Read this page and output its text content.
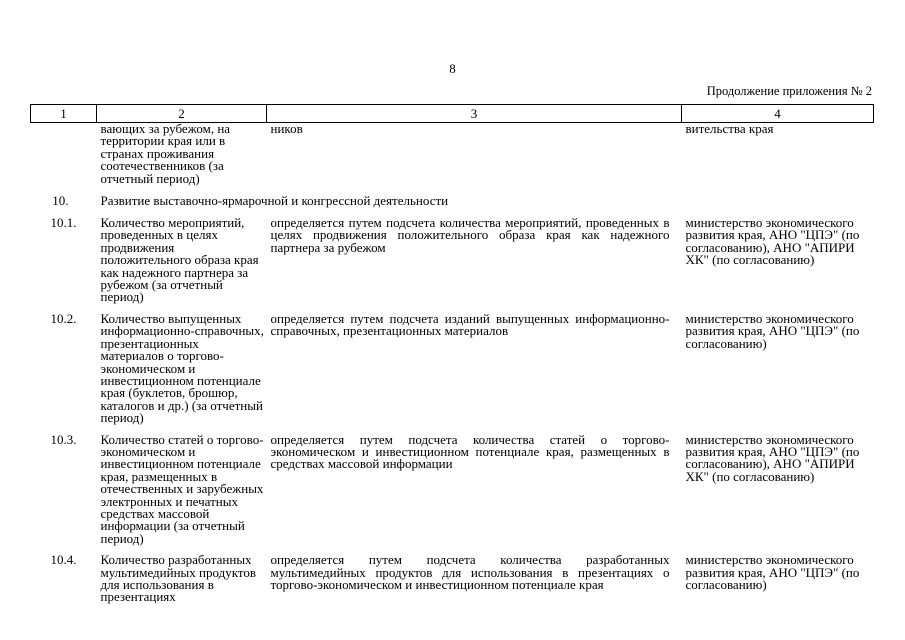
8
Продолжение приложения № 2
1	2	3	4
	вающих за рубежом, на территории края или в странах проживания соотечественников (за отчетный период)	ников	вительства края

10.	Развитие выставочно-ярмарочной и конгрессной деятельности		

10.1.	Количество мероприятий, проведенных в целях продвижения положительного образа края как надежного партнера за рубежом (за отчетный период)	определяется путем подсчета количества мероприятий, проведенных в целях продвижения положительного образа края как надежного партнера за рубежом	министерство экономического развития края, АНО "ЦПЭ" (по согласованию), АНО "АПИРИ ХК" (по согласованию)

10.2.	Количество выпущенных информационно-справочных, презентационных материалов о торгово-экономическом и инвестиционном потенциале края (буклетов, брошюр, каталогов и др.) (за отчетный период)	определяется путем подсчета изданий выпущенных информационно-справочных, презентационных материалов	министерство экономического развития края, АНО "ЦПЭ" (по согласованию)

10.3.	Количество статей о торгово-экономическом и инвестиционном потенциале края, размещенных в отечественных и зарубежных электронных и печатных средствах массовой информации (за отчетный период)	определяется путем подсчета количества статей о торгово-экономическом и инвестиционном потенциале края, размещенных в средствах массовой информации	министерство экономического развития края, АНО "ЦПЭ" (по согласованию), АНО "АПИРИ ХК" (по согласованию)

10.4.	Количество разработанных мультимедийных продуктов для использования в презентациях	определяется путем подсчета количества разработанных мультимедийных продуктов для использования в презентациях о торгово-экономическом и инвестиционном потенциале края	министерство экономического развития края, АНО "ЦПЭ" (по согласованию)
